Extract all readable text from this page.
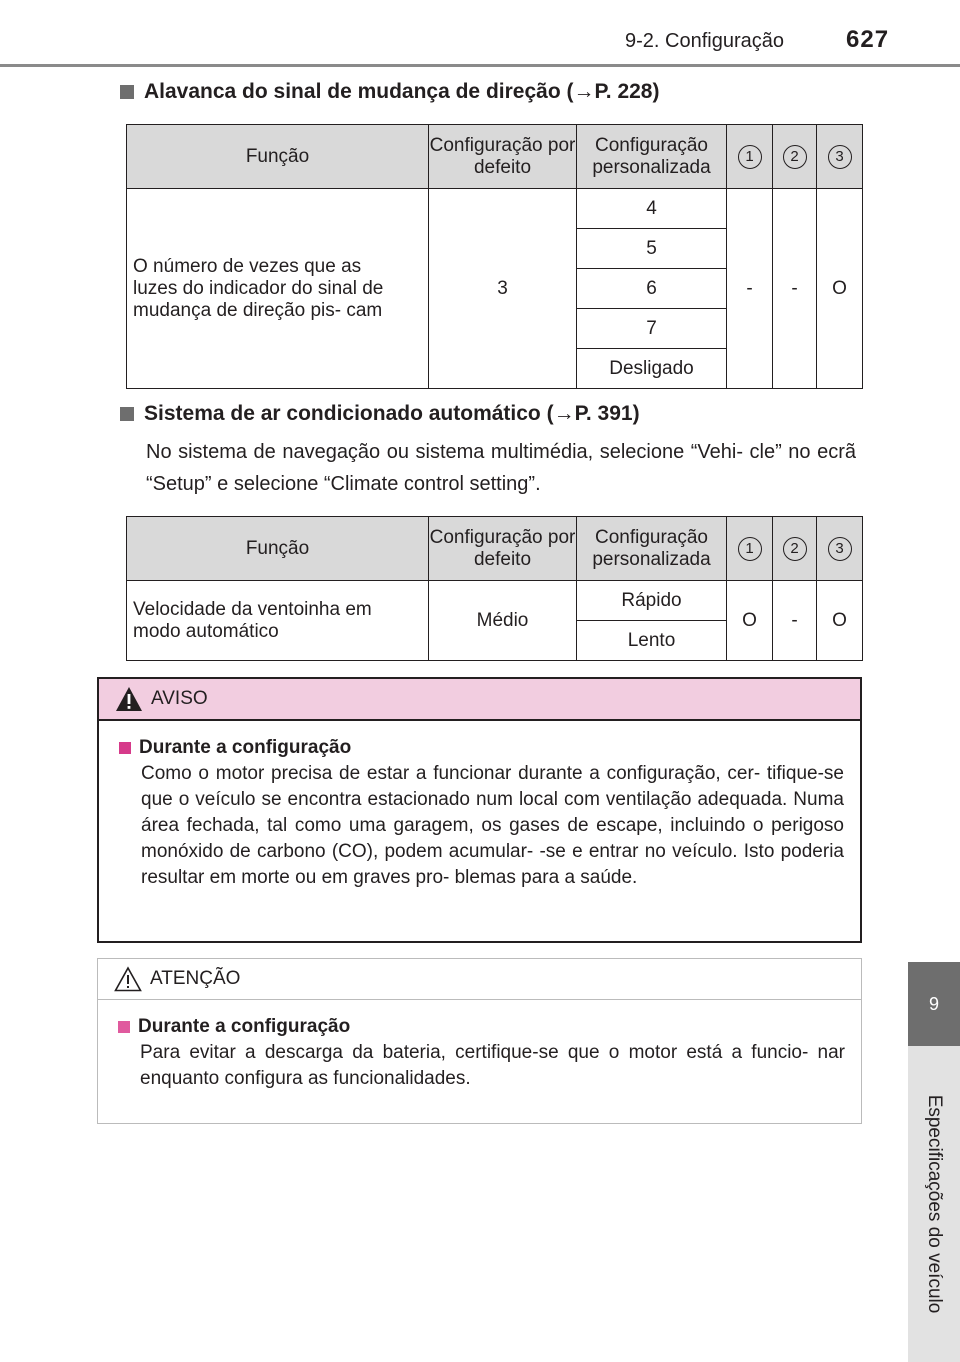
9-2. Configuração	627
9
Especificações do veículo
Alavanca do sinal de mudança de direção (→P. 228)
Função	Configuração por defeito	Configuração personalizada	1	2	3
O número de vezes que as luzes do indicador do sinal de mudança de direção pis- cam	3	4	-	-	O
		5			
		6			
		7			
		Desligado			
Sistema de ar condicionado automático (→P. 391)
No sistema de navegação ou sistema multimédia, selecione “Vehi- cle” no ecrã “Setup” e selecione “Climate control setting”.
Função	Configuração por defeito	Configuração personalizada	1	2	3
Velocidade da ventoinha em modo automático	Médio	Rápido	O	-	O
		Lento			
AVISO
Durante a configuração
Como o motor precisa de estar a funcionar durante a configuração, cer- tifique-se que o veículo se encontra estacionado num local com ventilação adequada. Numa área fechada, tal como uma garagem, os gases de escape, incluindo o perigoso monóxido de carbono (CO), podem acumular- -se e entrar no veículo. Isto poderia resultar em morte ou em graves pro- blemas para a saúde.
ATENÇÃO
Durante a configuração
Para evitar a descarga da bateria, certifique-se que o motor está a funcio- nar enquanto configura as funcionalidades.
